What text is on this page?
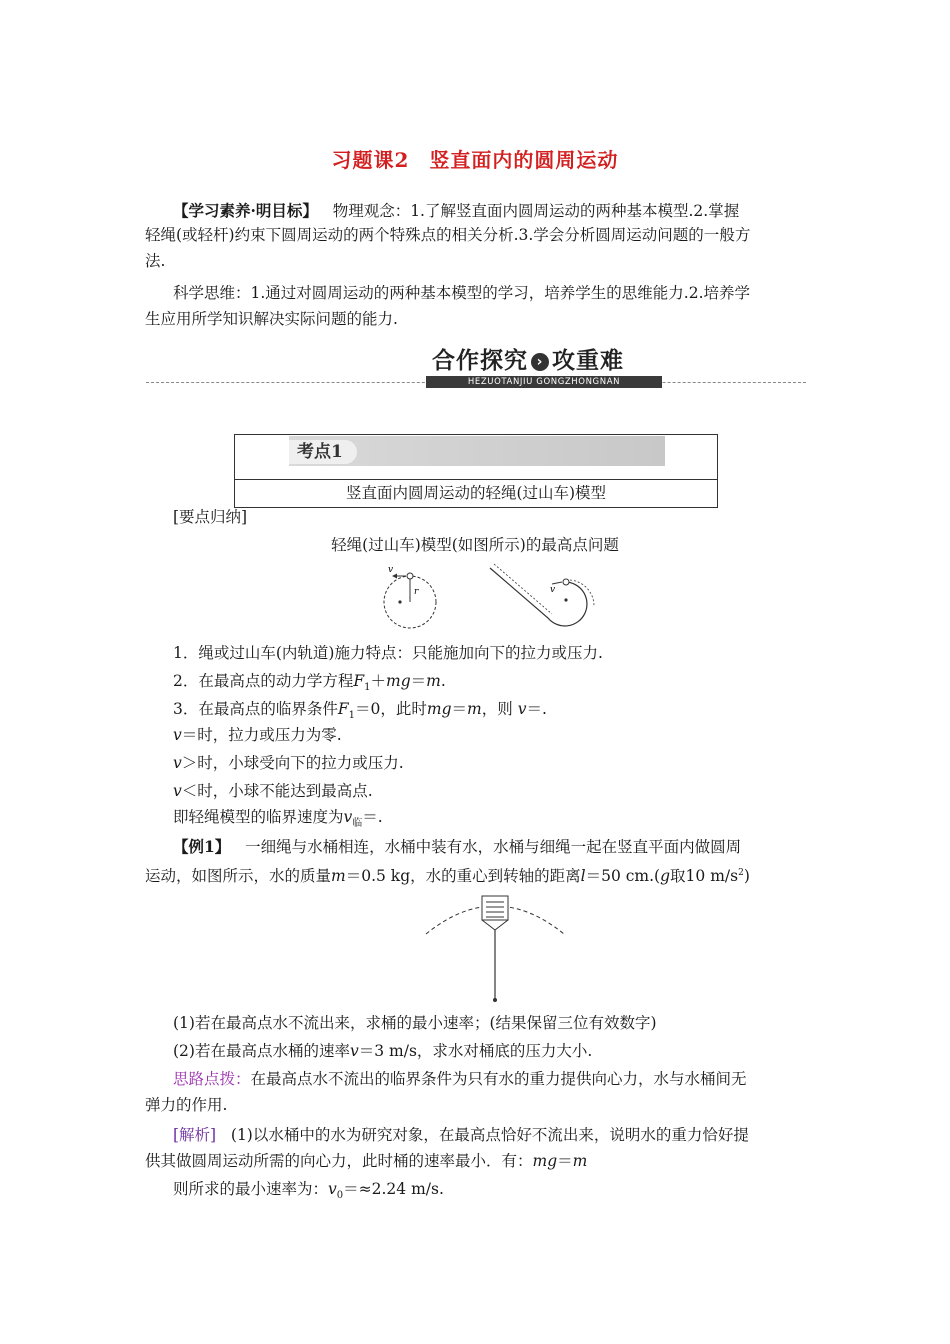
习题课2 竖直面内的圆周运动
【学习素养·明目标】 物理观念：1.了解竖直面内圆周运动的两种基本模型.2.掌握
轻绳(或轻杆)约束下圆周运动的两个特殊点的相关分析.3.学会分析圆周运动问题的一般方
法.
科学思维：1.通过对圆周运动的两种基本模型的学习，培养学生的思维能力.2.培养学
生应用所学知识解决实际问题的能力.
合作探究 › 攻重难
HEZUOTANJIU GONGZHONGNAN
考点1
竖直面内圆周运动的轻绳(过山车)模型
[要点归纳]
轻绳(过山车)模型(如图所示)的最高点问题
v
r	v
1．绳或过山车(内轨道)施力特点：只能施加向下的拉力或压力.
2．在最高点的动力学方程$F_1+mg=m$.
3．在最高点的临界条件$F_1=0$，此时mg＝m，则 v＝.
v＝时，拉力或压力为零.
v＞时，小球受向下的拉力或压力.
v＜时，小球不能达到最高点.
即轻绳模型的临界速度为$v_临=$.
【例1】 一细绳与水桶相连，水桶中装有水，水桶与细绳一起在竖直平面内做圆周
运动，如图所示，水的质量m＝0.5 kg，水的重心到转轴的距离l＝50 cm.(g取10 $m/s^2$)
(1)若在最高点水不流出来，求桶的最小速率；(结果保留三位有效数字)
(2)若在最高点水桶的速率v＝3 m/s，求水对桶底的压力大小.
思路点拨：在最高点水不流出的临界条件为只有水的重力提供向心力，水与水桶间无
弹力的作用.
[解析] (1)以水桶中的水为研究对象，在最高点恰好不流出来，说明水的重力恰好提
供其做圆周运动所需的向心力，此时桶的速率最小．有：mg＝m
则所求的最小速率为：$v_0=\approx 2.24$ m/s.
